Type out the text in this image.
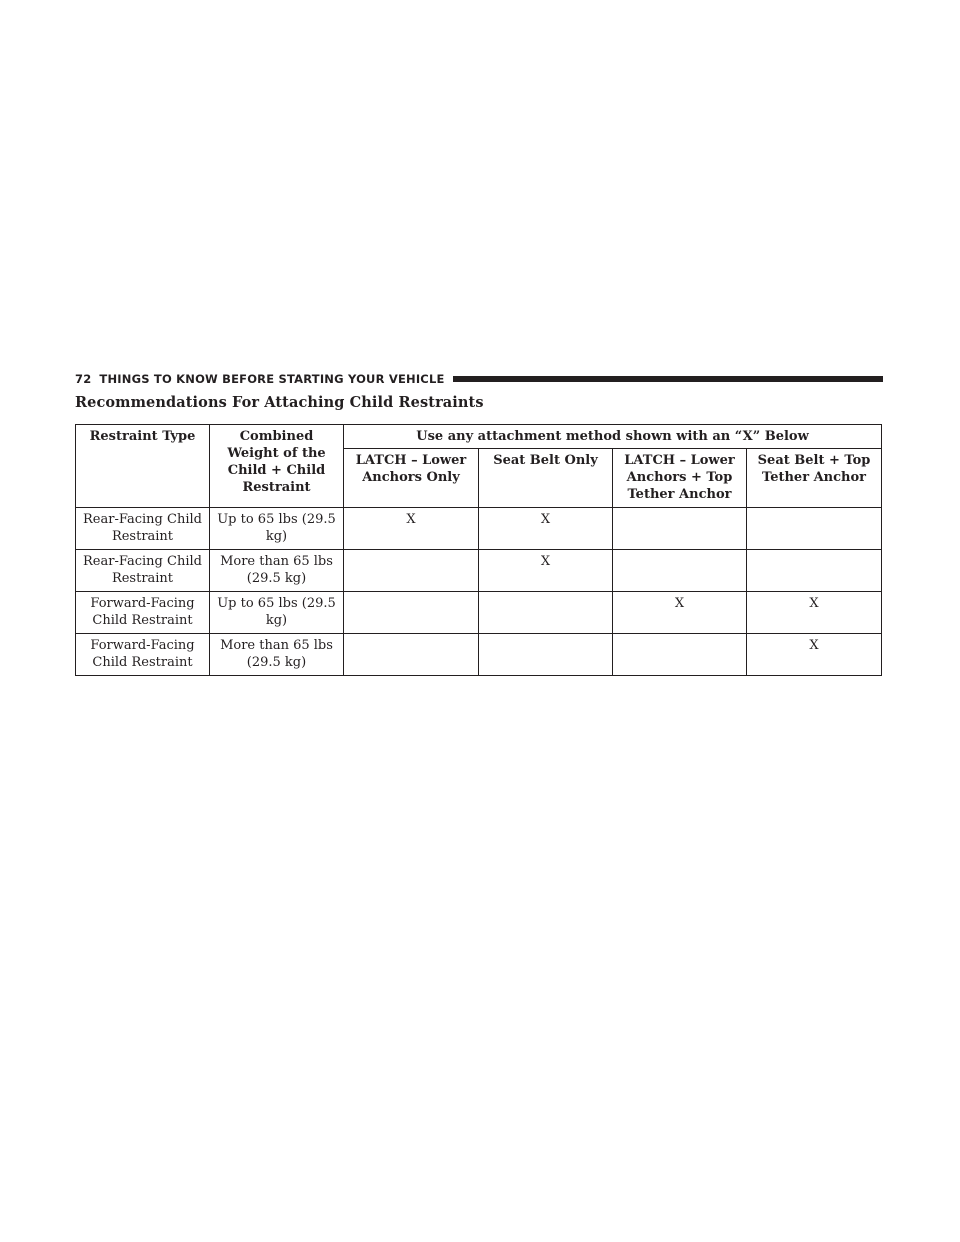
72 THINGS TO KNOW BEFORE STARTING YOUR VEHICLE
Recommendations For Attaching Child Restraints
Restraint Type	Combined Weight of the Child + Child Restraint	Use any attachment method shown with an “X” Below			
		LATCH – Lower Anchors Only	Seat Belt Only	LATCH – Lower Anchors + Top Tether Anchor	Seat Belt + Top Tether Anchor
Rear-Facing Child Restraint	Up to 65 lbs (29.5 kg)	X	X		
Rear-Facing Child Restraint	More than 65 lbs (29.5 kg)		X		
Forward-Facing Child Restraint	Up to 65 lbs (29.5 kg)			X	X
Forward-Facing Child Restraint	More than 65 lbs (29.5 kg)				X
